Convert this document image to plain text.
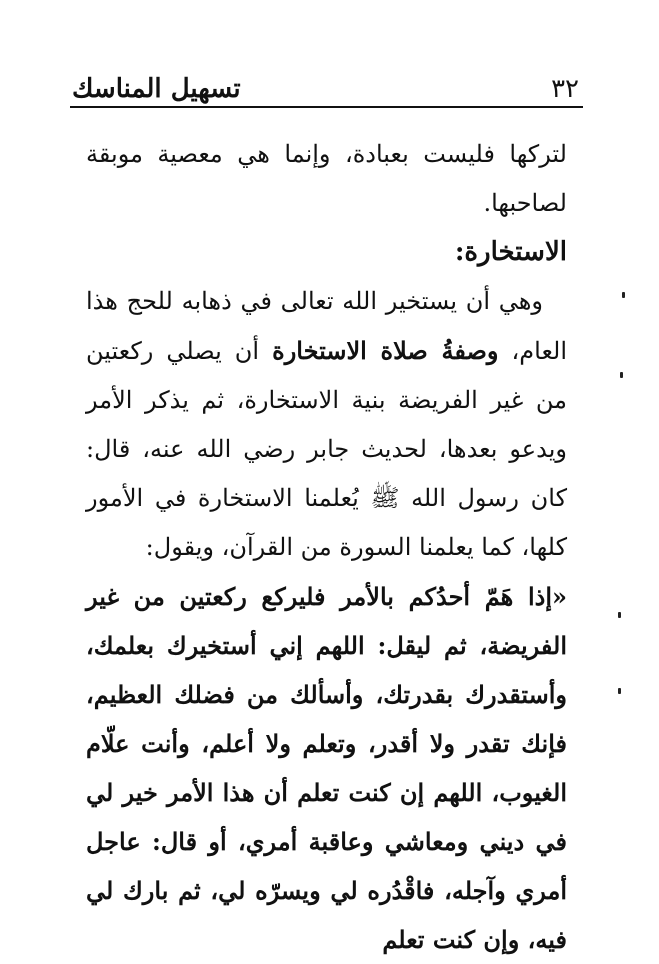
٣٢
تسهيل المناسك

لتركها فليست بعبادة، وإنما هي معصية موبقة لصاحبها.

الاستخارة:

وهي أن يستخير الله تعالى في ذهابه للحج هذا العام، وصفةُ صلاة الاستخارة أن يصلي ركعتين من غير الفريضة بنية الاستخارة، ثم يذكر الأمر ويدعو بعدها، لحديث جابر رضي الله عنه، قال: كان رسول الله ﷺ يُعلمنا الاستخارة في الأمور كلها، كما يعلمنا السورة من القرآن، ويقول:

«إذا هَمّ أحدُكم بالأمر فليركع ركعتين من غير الفريضة، ثم ليقل: اللهم إني أستخيرك بعلمك، وأستقدرك بقدرتك، وأسألك من فضلك العظيم، فإنك تقدر ولا أقدر، وتعلم ولا أعلم، وأنت علّام الغيوب، اللهم إن كنت تعلم أن هذا الأمر خير لي في ديني ومعاشي وعاقبة أمري، أو قال: عاجل أمري وآجله، فاقْدُره لي ويسرّه لي، ثم بارك لي فيه، وإن كنت تعلم
